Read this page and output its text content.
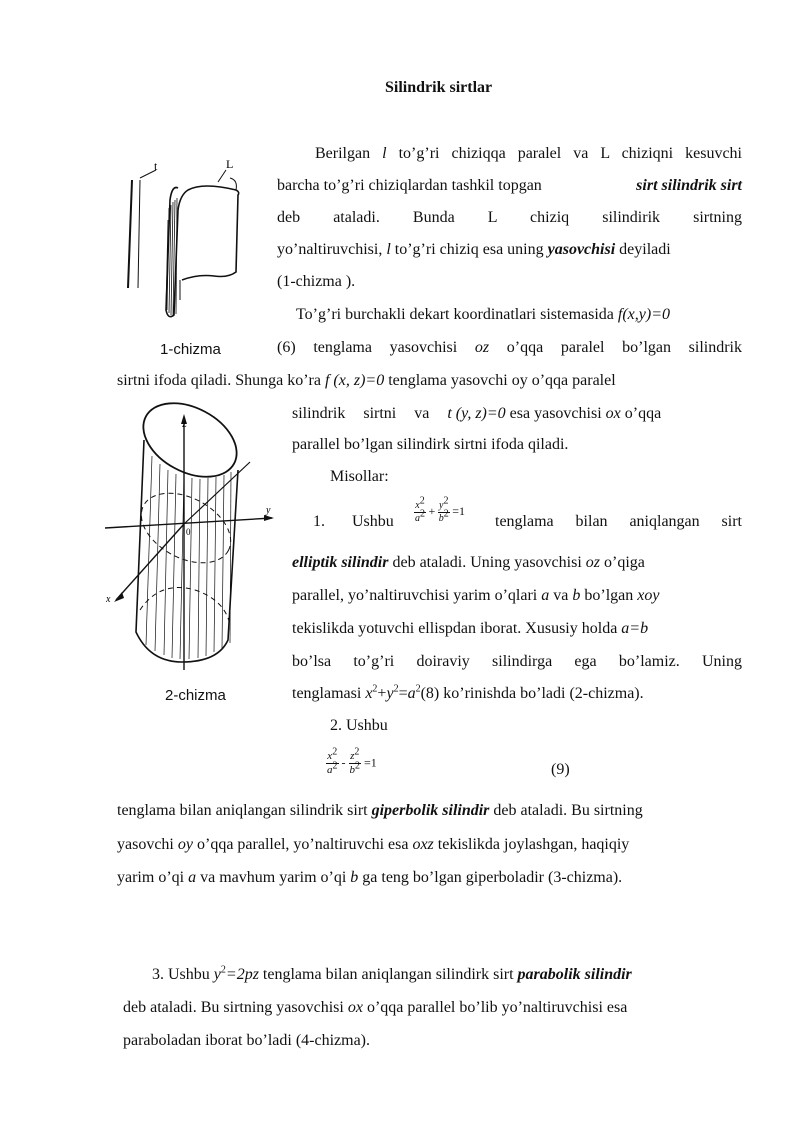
Silindrik sirtlar
t	L
1-chizma
Berilgan l to’g’ri chiziqqa paralel va L chiziqni kesuvchi
barcha to’g’ri chiziqlardan tashkil topgan	sirt silindrik sirt
deb ataladi. Bunda L chiziq silindirik sirtning
yo’naltiruvchisi, l to’g’ri chiziq esa uning yasovchisi deyiladi
(1-chizma ).
To’g’ri burchakli dekart koordinatlari sistemasida f(x,y)=0
(6) tenglama yasovchisi oz o’qqa paralel bo’lgan silindrik
sirtni ifoda qiladi. Shunga ko’ra f (x, z)=0 tenglama yasovchi oy o’qqa paralel
silindrik sirtni va t (y, z)=0 esa yasovchisi ox o’qqa
parallel bo’lgan silindirk sirtni ifoda qiladi.
Misollar:
z
y
x
0
2-chizma
1. Ushbu $\frac{x^2}{a^2} + \frac{y^2}{b^2} =1$
tenglama bilan aniqlangan sirt
elliptik silindir deb ataladi. Uning yasovchisi oz o’qiga
parallel, yo’naltiruvchisi yarim o’qlari a va b bo’lgan xoy
tekislikda yotuvchi ellispdan iborat. Xususiy holda a=b
bo’lsa to’g’ri doiraviy silindirga ega bo’lamiz. Uning
tenglamasi $x^2+y^2=a^2(8)$ ko’rinishda bo’ladi (2-chizma).
2. Ushbu
$\frac{x^2}{a^2} - \frac{z^2}{b^2} =1$	(9)
tenglama bilan aniqlangan silindrik sirt giperbolik silindir deb ataladi. Bu sirtning
yasovchi oy o’qqa parallel, yo’naltiruvchi esa oxz tekislikda joylashgan, haqiqiy
yarim o’qi a va mavhum yarim o’qi b ga teng bo’lgan giperboladir (3-chizma).
3. Ushbu $y^2=2pz$ tenglama bilan aniqlangan silindirk sirt parabolik silindir
deb ataladi. Bu sirtning yasovchisi ox o’qqa parallel bo’lib yo’naltiruvchisi esa
paraboladan iborat bo’ladi (4-chizma).
